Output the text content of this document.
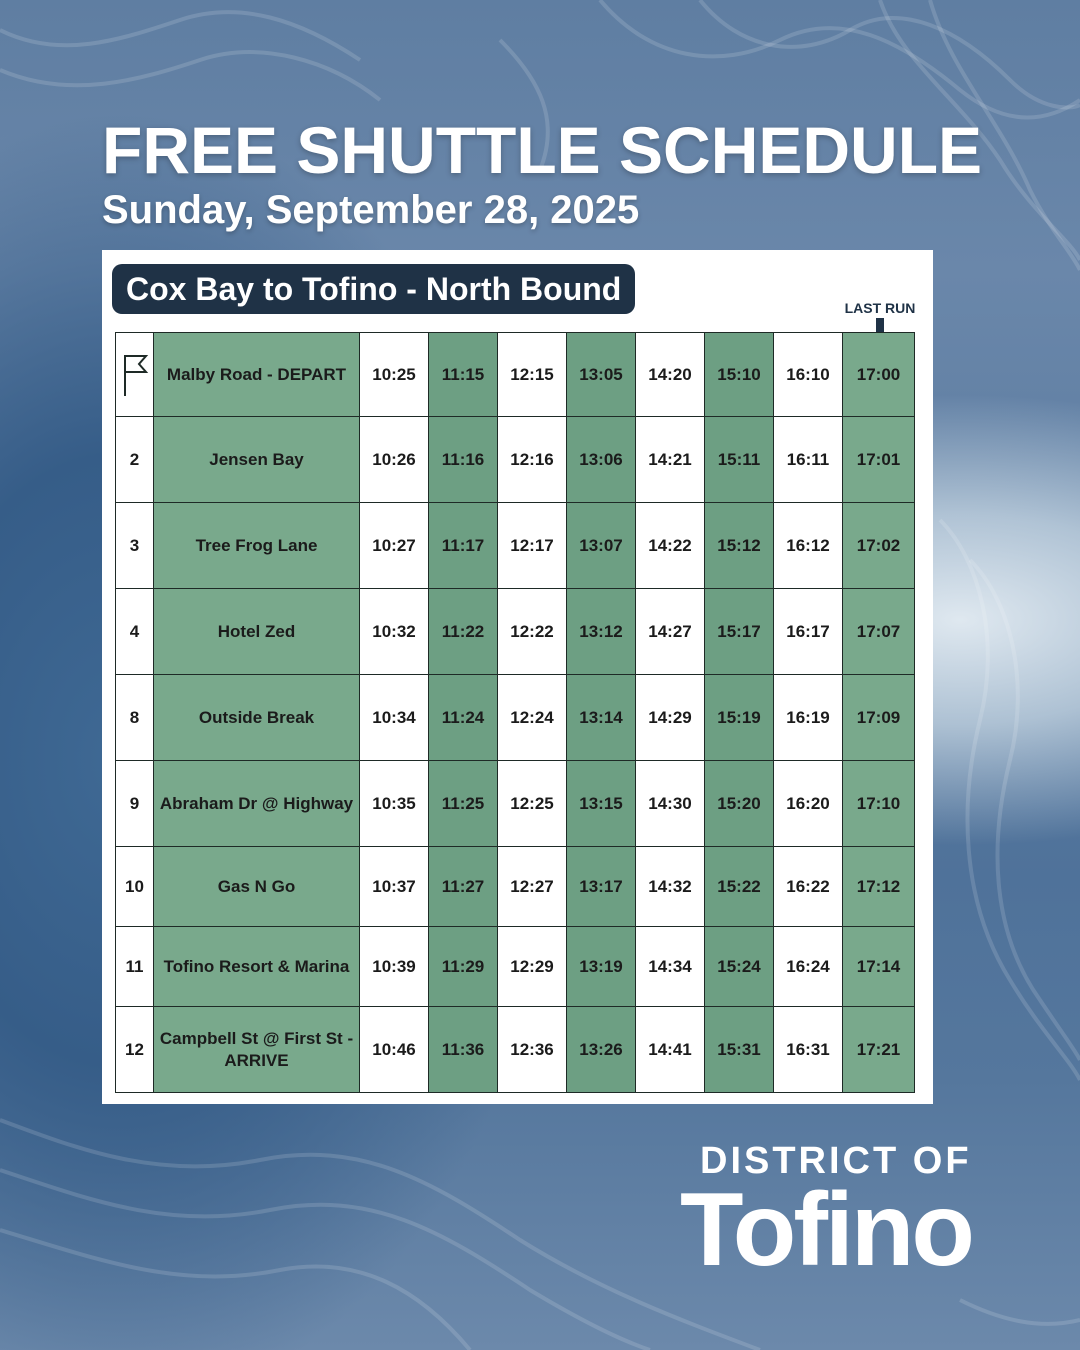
FREE SHUTTLE SCHEDULE
Sunday, September 28, 2025
Cox Bay to Tofino - North Bound
LAST RUN
	Malby Road - DEPART	10:25	11:15	12:15	13:05	14:20	15:10	16:10	17:00
2	Jensen Bay	10:26	11:16	12:16	13:06	14:21	15:11	16:11	17:01
3	Tree Frog Lane	10:27	11:17	12:17	13:07	14:22	15:12	16:12	17:02
4	Hotel Zed	10:32	11:22	12:22	13:12	14:27	15:17	16:17	17:07
8	Outside Break	10:34	11:24	12:24	13:14	14:29	15:19	16:19	17:09
9	Abraham Dr @ Highway	10:35	11:25	12:25	13:15	14:30	15:20	16:20	17:10
10	Gas N Go	10:37	11:27	12:27	13:17	14:32	15:22	16:22	17:12
11	Tofino Resort & Marina	10:39	11:29	12:29	13:19	14:34	15:24	16:24	17:14
12	Campbell St @ First St - ARRIVE	10:46	11:36	12:36	13:26	14:41	15:31	16:31	17:21
DISTRICT OF
Tofino
